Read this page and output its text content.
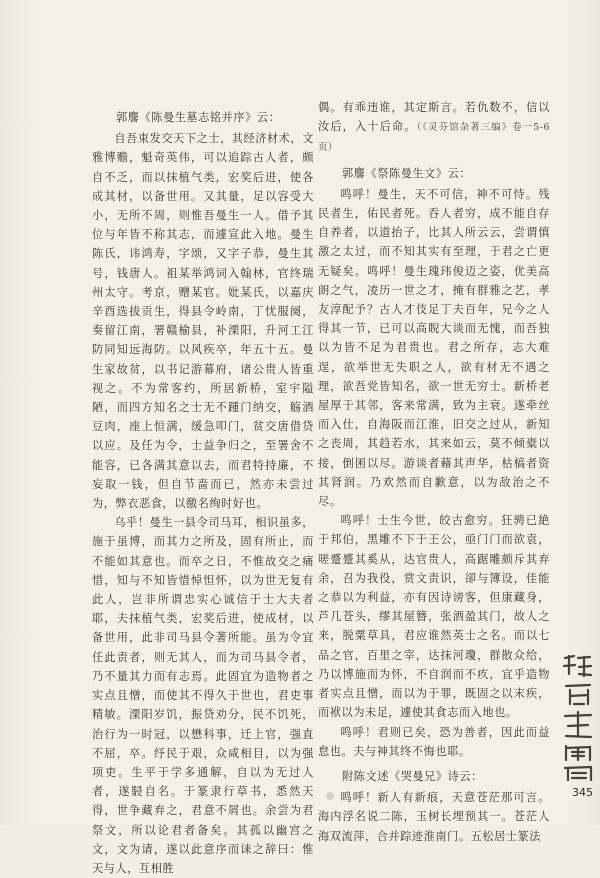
郭麐《陈曼生墓志铭并序》云：

自吾束发交天下之士，其经济材术，文雅博赡，魁奇英伟，可以追踪古人者，颇自不乏，而以抹植气类，宏奖后进，使各成其材，以备世用。又其量，足以容受大小，无所不周，则惟吾曼生一人。借予其位与年皆不称其志，而遽宣此入地。曼生陈氏，讳鸿寿，字颂，又字子恭，曼生其号，钱唐人。祖某举鸿词入翰林，官终瑞州太守。考京，赠某官。妣某氏，以嘉庆辛酉选拔贡生，得县令岭南，丁忧服阕，奏留江南，署赣榆县，补溧阳，升河工江防同知远海防。以风疾卒，年五十五。曼生家故贫，以书记游幕府，诸公贵人皆重视之。不为常客约，所居新桥，室宇隘陋，而四方知名之士无不踵门纳交，觞酒豆肉，座上恒满，缓急叩门，贫交唐借贷以应。及任为令，士益争归之，至署舍不能容，已各满其意以去，而君特持廉，不妄取一钱，但自节啬而已，然亦未尝过为，弊衣恶食，以徼名绚时好也。

乌乎！曼生一县令司马耳，相识虽多，施于虽博，而其力之所及，固有所止，而不能如其意也。而卒之日，不惟故交之痛惜，知与不知皆惜悼怛怀，以为世无复有此人，岂非所谓忠实心诚信于士大夫者耶，夫抹植气类，宏奖后进，使成材，以备世用，此非司马县令著所能。虽为令宜任此责者，则无其人，而为司马县令者，乃不量其力而有志焉。此固宜为造物者之实点且憎，而使其不得久于世也，君吏事精敏。溧阳岁饥，振贷劝分，民不饥死，治行为一时冠，以懋科事，迁上官，强直不屈，卒。纾民于艰，众咸相目，以为强项吏。生平于学多通解，自以为无过人者，遂駸自名。于篆隶行草书，悉然天得，世争藏弃之，君意不屑也。余尝为君祭文，所以论君者备矣。其孤以幽宫之文，文为请，遂以此意序而诔之辞曰：惟天与人，互相胜

偶。有乖违谁，其定斯言。若仇数不，信以汝后，入十后命。（《灵芬馆杂著三编》卷一5-6页）

郭麐《祭陈曼生文》云：

鸣呼！曼生，天不可信，神不可恃。残民者生，佑民者死。吞人者穷，成不能自存自养者，以道抬子，比其人所云云，尝谓慎激之太过，而不知其实有至理，于君之亡更无疑矣。鸣呼！曼生瑰玮俊迈之姿，优美高朗之气，凌历一世之才，掩有群雅之艺，孝友淳配予？古人才伎足丁夫百年，兄今之人得其一节，已可以高睨大谈而无愧，而吾独以为皆不足为君贵也。君之所存，志大难逞，欲举世无失职之人，欲有材无不遇之理，欲吾党皆知名，欲一世无穷士。新桥老屋厚于其邻，客来常满，致为主衰。遂牵丝而入仕，自海阪而江淮，旧交之过从，新知之丧周，其趋若水，其来如云，莫不倾橐以接，倒囷以尽。游谈者藉其声华，枯槁者资其肾润。乃欢然而自歉意，以为敌治之不尽。

鸣呼！士生今世，皎古愈穷。狂骋已絶于邦伯，黑雕不下于王公，亟门门而欲袁，嗟蹙蹙其奚从，达官贵人，高踞雕颇斥其弃余，召为我役，赏文责识，卻与簿设，佳能之恭以为利益，亦有因诗谤客，但康藏身，芦几苍头，缪其屋簪，张酒盈其门，故人之来，脱粟草具，君应谁然英士之名。而以七品之官，百里之宰，达抹河瓊，群散众给，乃以博施而为怀，不自润而不疚，宜乎造物者实点且憎，而以为于罪，既固之以末疾，而袱以为未足，遽使其食志而入地也。

鸣呼！君则已矣，恐为善者，因此而益怠也。夫与神其终不悔也耶。

附陈文述《哭曼兄》诗云：

鸣呼！新人有新痕，天意苍茫那可言。海内浮名说二陈，玉树长埋预其一。苍茫人海双流萍，合并踪迹淮南门。五松居士篆法

345
